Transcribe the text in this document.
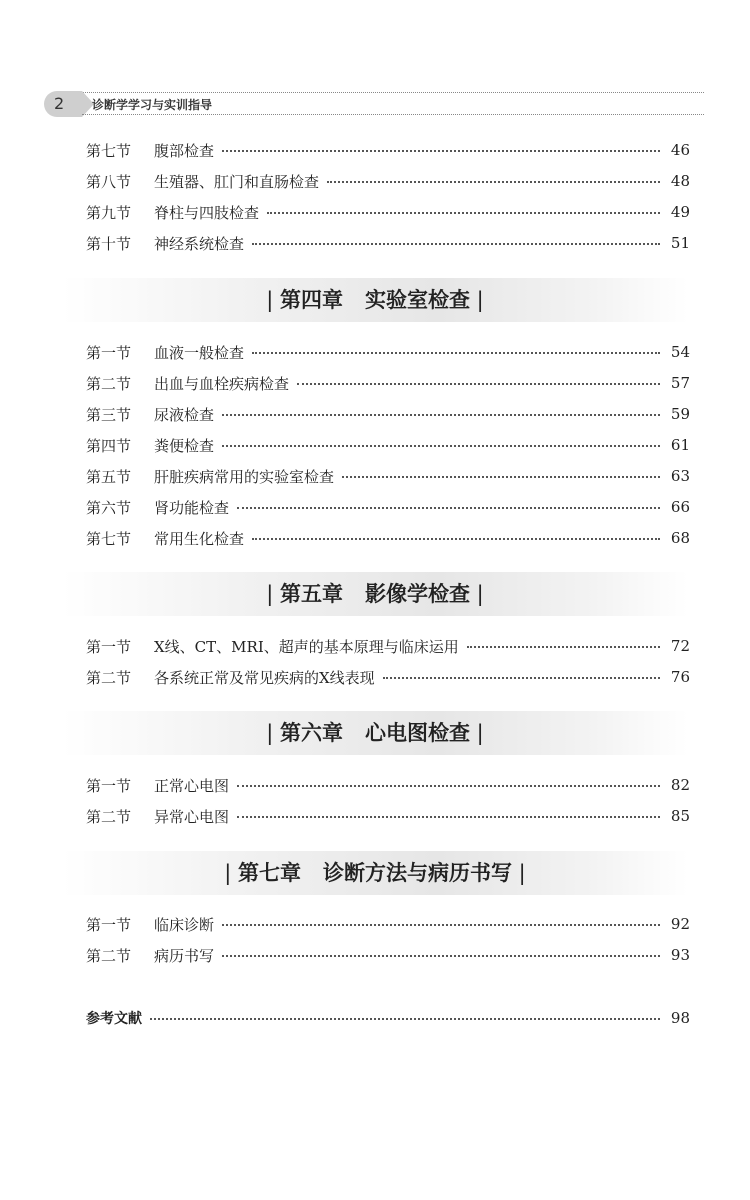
2 诊断学学习与实训指导
第七节	腹部检查	46
第八节	生殖器、肛门和直肠检查	48
第九节	脊柱与四肢检查	49
第十节	神经系统检查	51
| 第四章 实验室检查 |
第一节	血液一般检查	54
第二节	出血与血栓疾病检查	57
第三节	尿液检查	59
第四节	粪便检查	61
第五节	肝脏疾病常用的实验室检查	63
第六节	肾功能检查	66
第七节	常用生化检查	68
| 第五章 影像学检查 |
第一节	X线、CT、MRI、超声的基本原理与临床运用	72
第二节	各系统正常及常见疾病的X线表现	76
| 第六章 心电图检查 |
第一节	正常心电图	82
第二节	异常心电图	85
| 第七章 诊断方法与病历书写 |
第一节	临床诊断	92
第二节	病历书写	93
参考文献	98
